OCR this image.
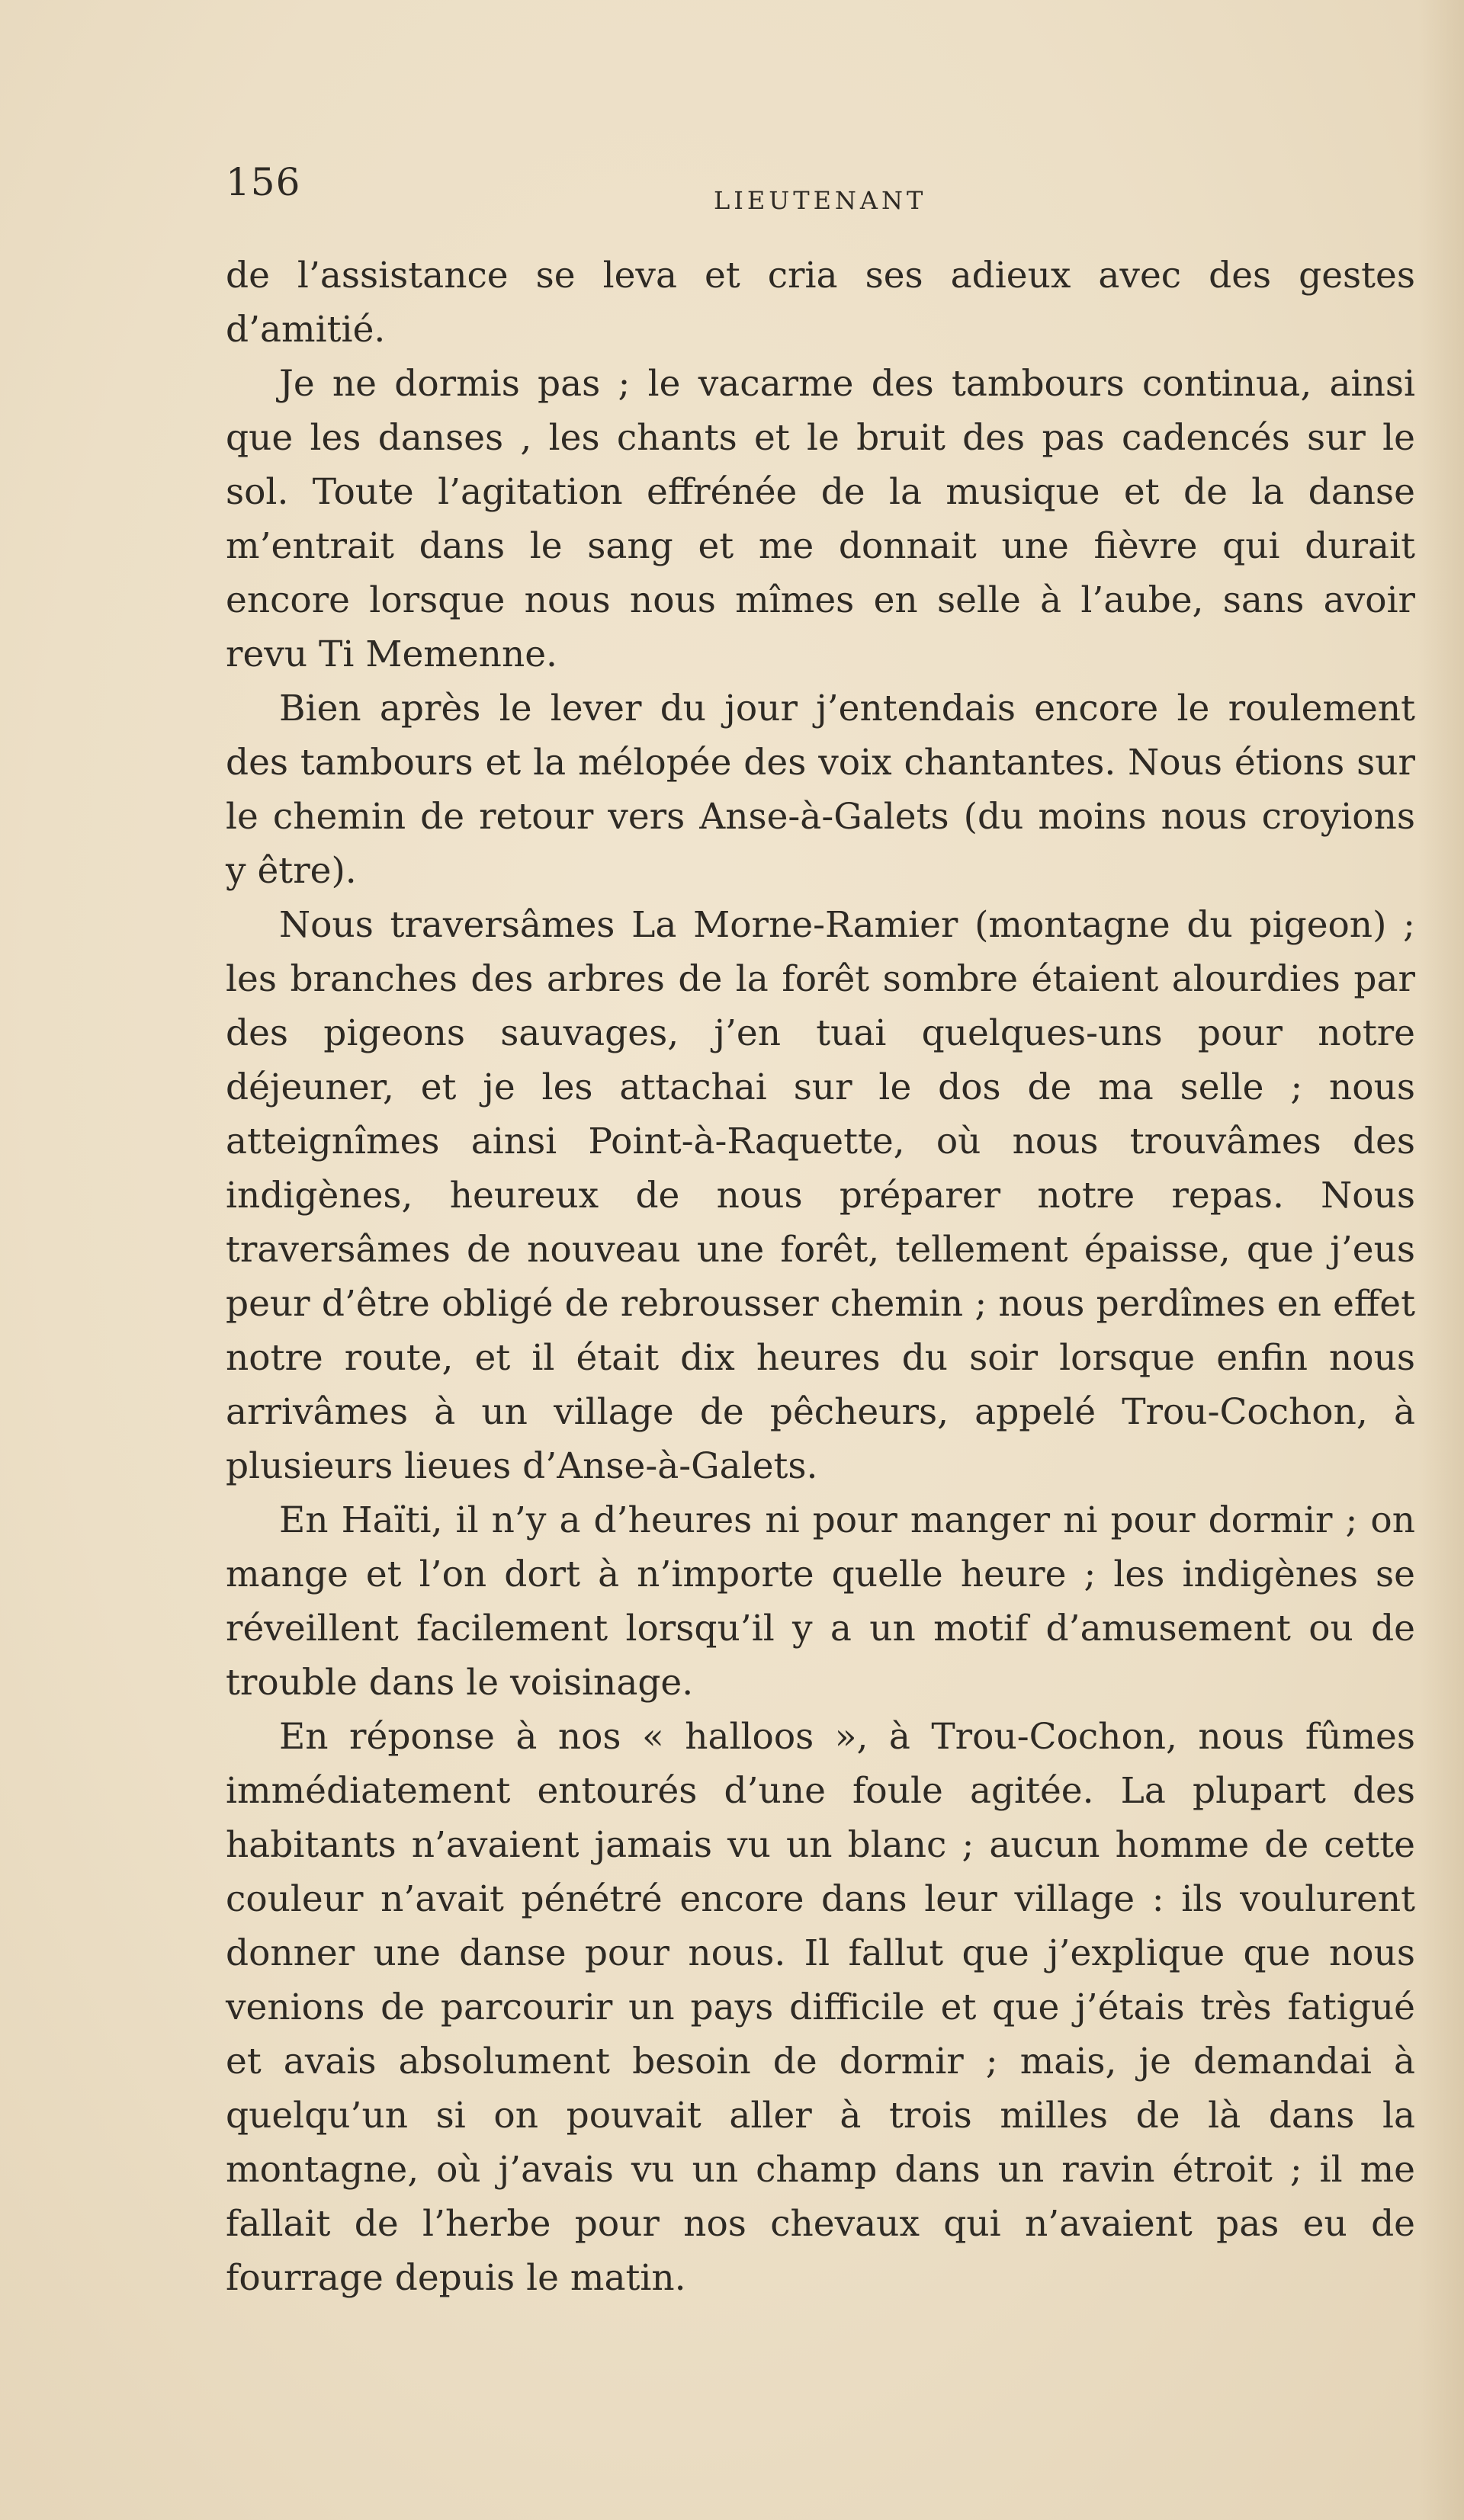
156	LIEUTENANT

de l’assistance se leva et cria ses adieux avec des gestes d’amitié.

Je ne dormis pas ; le vacarme des tambours continua, ainsi que les danses , les chants et le bruit des pas cadencés sur le sol. Toute l’agitation effrénée de la musique et de la danse m’entrait dans le sang et me donnait une fièvre qui durait encore lorsque nous nous mîmes en selle à l’aube, sans avoir revu Ti Memenne.

Bien après le lever du jour j’entendais encore le roulement des tambours et la mélopée des voix chantantes. Nous étions sur le chemin de retour vers Anse-à-Galets (du moins nous croyions y être).

Nous traversâmes La Morne-Ramier (montagne du pigeon) ; les branches des arbres de la forêt sombre étaient alourdies par des pigeons sauvages, j’en tuai quelques-uns pour notre déjeuner, et je les attachai sur le dos de ma selle ; nous atteignîmes ainsi Point-à-Raquette, où nous trouvâmes des indigènes, heureux de nous préparer notre repas. Nous traversâmes de nouveau une forêt, tellement épaisse, que j’eus peur d’être obligé de rebrousser chemin ; nous perdîmes en effet notre route, et il était dix heures du soir lorsque enfin nous arrivâmes à un village de pêcheurs, appelé Trou-Cochon, à plusieurs lieues d’Anse-à-Galets.

En Haïti, il n’y a d’heures ni pour manger ni pour dormir ; on mange et l’on dort à n’importe quelle heure ; les indigènes se réveillent facilement lorsqu’il y a un motif d’amusement ou de trouble dans le voisinage.

En réponse à nos « halloos », à Trou-Cochon, nous fûmes immédiatement entourés d’une foule agitée. La plupart des habitants n’avaient jamais vu un blanc ; aucun homme de cette couleur n’avait pénétré encore dans leur village : ils voulurent donner une danse pour nous. Il fallut que j’explique que nous venions de parcourir un pays difficile et que j’étais très fatigué et avais absolument besoin de dormir ; mais, je demandai à quelqu’un si on pouvait aller à trois milles de là dans la montagne, où j’avais vu un champ dans un ravin étroit ; il me fallait de l’herbe pour nos chevaux qui n’avaient pas eu de fourrage depuis le matin.
